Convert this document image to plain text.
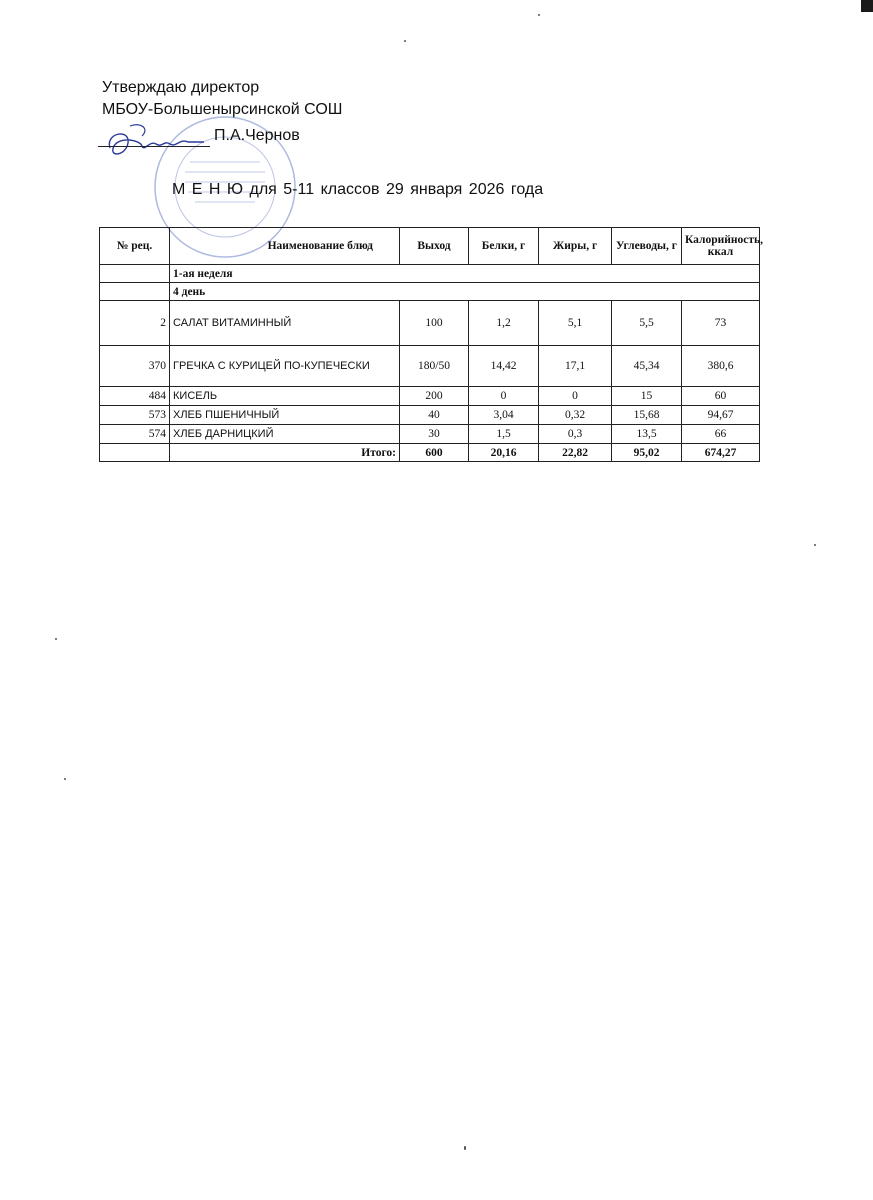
Утверждаю директор
МБОУ-Большенырсинской СОШ
П.А.Чернов
М Е Н Ю для 5-11 классов 29 января 2026 года
№ рец.	Наименование блюд	Выход	Белки, г	Жиры, г	Углеводы, г	Калорийность, ккал
	1-ая неделя					
	4 день					
2	САЛАТ ВИТАМИННЫЙ	100	1,2	5,1	5,5	73
370	ГРЕЧКА С КУРИЦЕЙ ПО-КУПЕЧЕСКИ	180/50	14,42	17,1	45,34	380,6
484	КИСЕЛЬ	200	0	0	15	60
573	ХЛЕБ ПШЕНИЧНЫЙ	40	3,04	0,32	15,68	94,67
574	ХЛЕБ ДАРНИЦКИЙ	30	1,5	0,3	13,5	66
	Итого:	600	20,16	22,82	95,02	674,27
